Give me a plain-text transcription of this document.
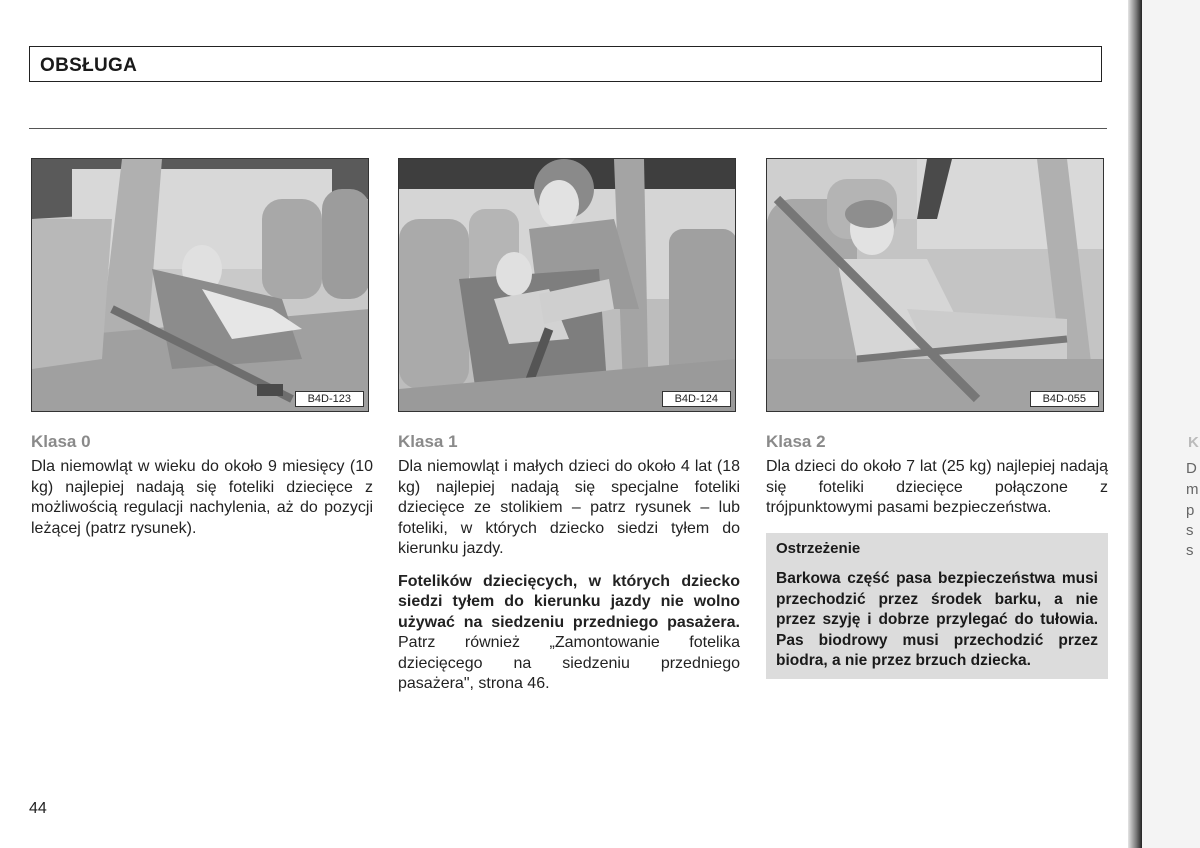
OBSŁUGA
B4D-123	B4D-124	B4D-055
Klasa 0

Dla niemowląt w wieku do około 9 miesięcy (10 kg) najlepiej nadają się foteliki dziecięce z możliwością regulacji nachylenia, aż do pozycji leżącej (patrz rysunek).

Klasa 1

Dla niemowląt i małych dzieci do około 4 lat (18 kg) najlepiej nadają się specjalne foteliki dziecięce ze stolikiem – patrz rysunek – lub foteliki, w których dziecko siedzi tyłem do kierunku jazdy.

Fotelików dziecięcych, w których dziecko siedzi tyłem do kierunku jazdy nie wolno używać na siedzeniu przedniego pasażera. Patrz również „Zamontowanie fotelika dziecięcego na siedzeniu przedniego pasażera", strona 46.

Klasa 2

Dla dzieci do około 7 lat (25 kg) najlepiej nadają się foteliki dziecięce połączone z trójpunktowymi pasami bezpieczeństwa.

Ostrzeżenie

Barkowa część pasa bezpieczeństwa musi przechodzić przez środek barku, a nie przez szyję i dobrze przylegać do tułowia. Pas biodrowy musi przechodzić przez biodra, a nie przez brzuch dziecka.

44
K
D
m
p
s
s
